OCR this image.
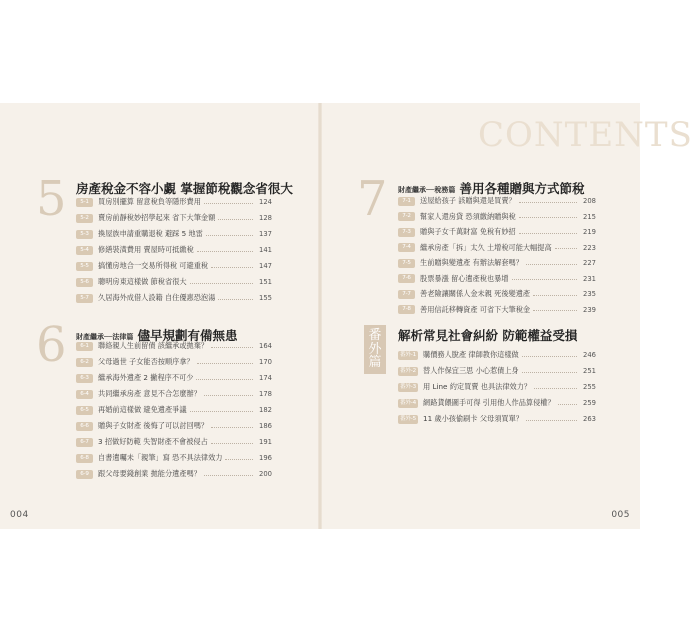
CONTENTS
5 房產稅金不容小覷 掌握節稅觀念省很大
5-1	買房別擺算 留意稅負等隱形費用	124
5-2	賣房前靜稅妙招學起來 省下大筆金額	128
5-3	換屋族申請重購退稅 避踩 5 地雷	137
5-4	修繕裝潢費用 賣屋時可抵繳稅	141
5-5	搞懂房地合一交易所得稅 可避重稅	147
5-6	聰明房東這樣做 節稅省很大	151
5-7	久居海外成借人設籍 自住優惠恐泡湯	155
6 財產繼承──法律篇 儘早規劃有備無患
6-1	聯絡親人生前留債 該繼承或拋棄？	164
6-2	父母過世 子女能否按順序拿？	170
6-3	繼承海外遺產 2 撇程序不可少	174
6-4	共同繼承房產 意見不合怎麼辦？	178
6-5	再婚前這樣做 避免遺產爭議	182
6-6	贈與子女財產 後悔了可以討回嗎？	186
6-7	3 招做好防範 失智財產不會被侵占	191
6-8	自書遺囑未「親筆」寫 恐不具法律效力	196
6-9	跟父母要錢創業 拋能分遺產嗎？	200
7 財產繼承──稅務篇 善用各種贈與方式節稅
7-1	送屋給孩子 該贈與還是買賣？	208
7-2	幫家人還房貸 恐須繳納贈與稅	215
7-3	贈與子女千萬財富 免稅有妙招	219
7-4	繼承房產「拆」太久 土增稅可能大幅提高	223
7-5	生前贈與變遺產 有辦法解套嗎？	227
7-6	股票暴漲 留心遺產稅也暴增	231
7-7	善老險讓關係人金未親 死後變遺產	235
7-8	善用信託移轉資產 可省下大筆稅金	239
番
外
篇
解析常見社會糾紛 防範權益受損
番外-1 購價務人脫產 律師教你這樣做	246
番外-2 替人作保宜三思 小心惹債上身	251
番外-3 用 Line 約定買賣 也具法律效力？	255
番外-4 網路貨餵圖手可得 引用他人作品算侵權？	259
番外-5 11 歲小孩偷刷卡 父母須買單？	263
004	005
